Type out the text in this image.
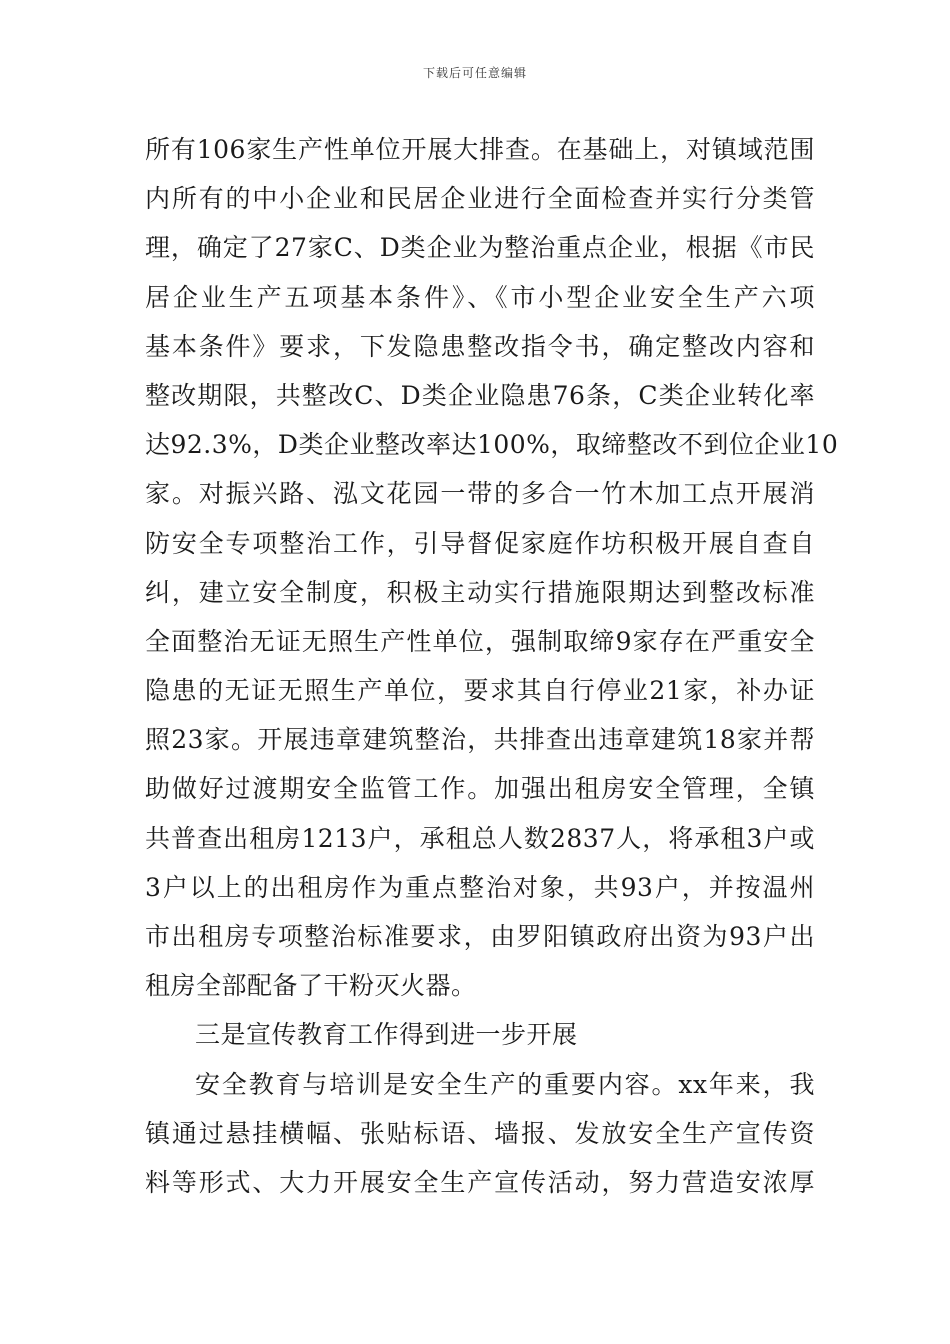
下载后可任意编辑
所有106家生产性单位开展大排查。在基础上，对镇域范围
内所有的中小企业和民居企业进行全面检查并实行分类管
理，确定了27家C、D类企业为整治重点企业，根据《市民
居企业生产五项基本条件》、《市小型企业安全生产六项
基本条件》要求，下发隐患整改指令书，确定整改内容和
整改期限，共整改C、D类企业隐患76条，C类企业转化率
达92.3%，D类企业整改率达100%，取缔整改不到位企业10
家。对振兴路、泓文花园一带的多合一竹木加工点开展消
防安全专项整治工作，引导督促家庭作坊积极开展自查自
纠，建立安全制度，积极主动实行措施限期达到整改标准
全面整治无证无照生产性单位，强制取缔9家存在严重安全
隐患的无证无照生产单位，要求其自行停业21家，补办证
照23家。开展违章建筑整治，共排查出违章建筑18家并帮
助做好过渡期安全监管工作。加强出租房安全管理，全镇
共普查出租房1213户，承租总人数2837人，将承租3户或
3户以上的出租房作为重点整治对象，共93户，并按温州
市出租房专项整治标准要求，由罗阳镇政府出资为93户出
租房全部配备了干粉灭火器。
三是宣传教育工作得到进一步开展
安全教育与培训是安全生产的重要内容。xx年来，我
镇通过悬挂横幅、张贴标语、墙报、发放安全生产宣传资
料等形式、大力开展安全生产宣传活动，努力营造安浓厚
